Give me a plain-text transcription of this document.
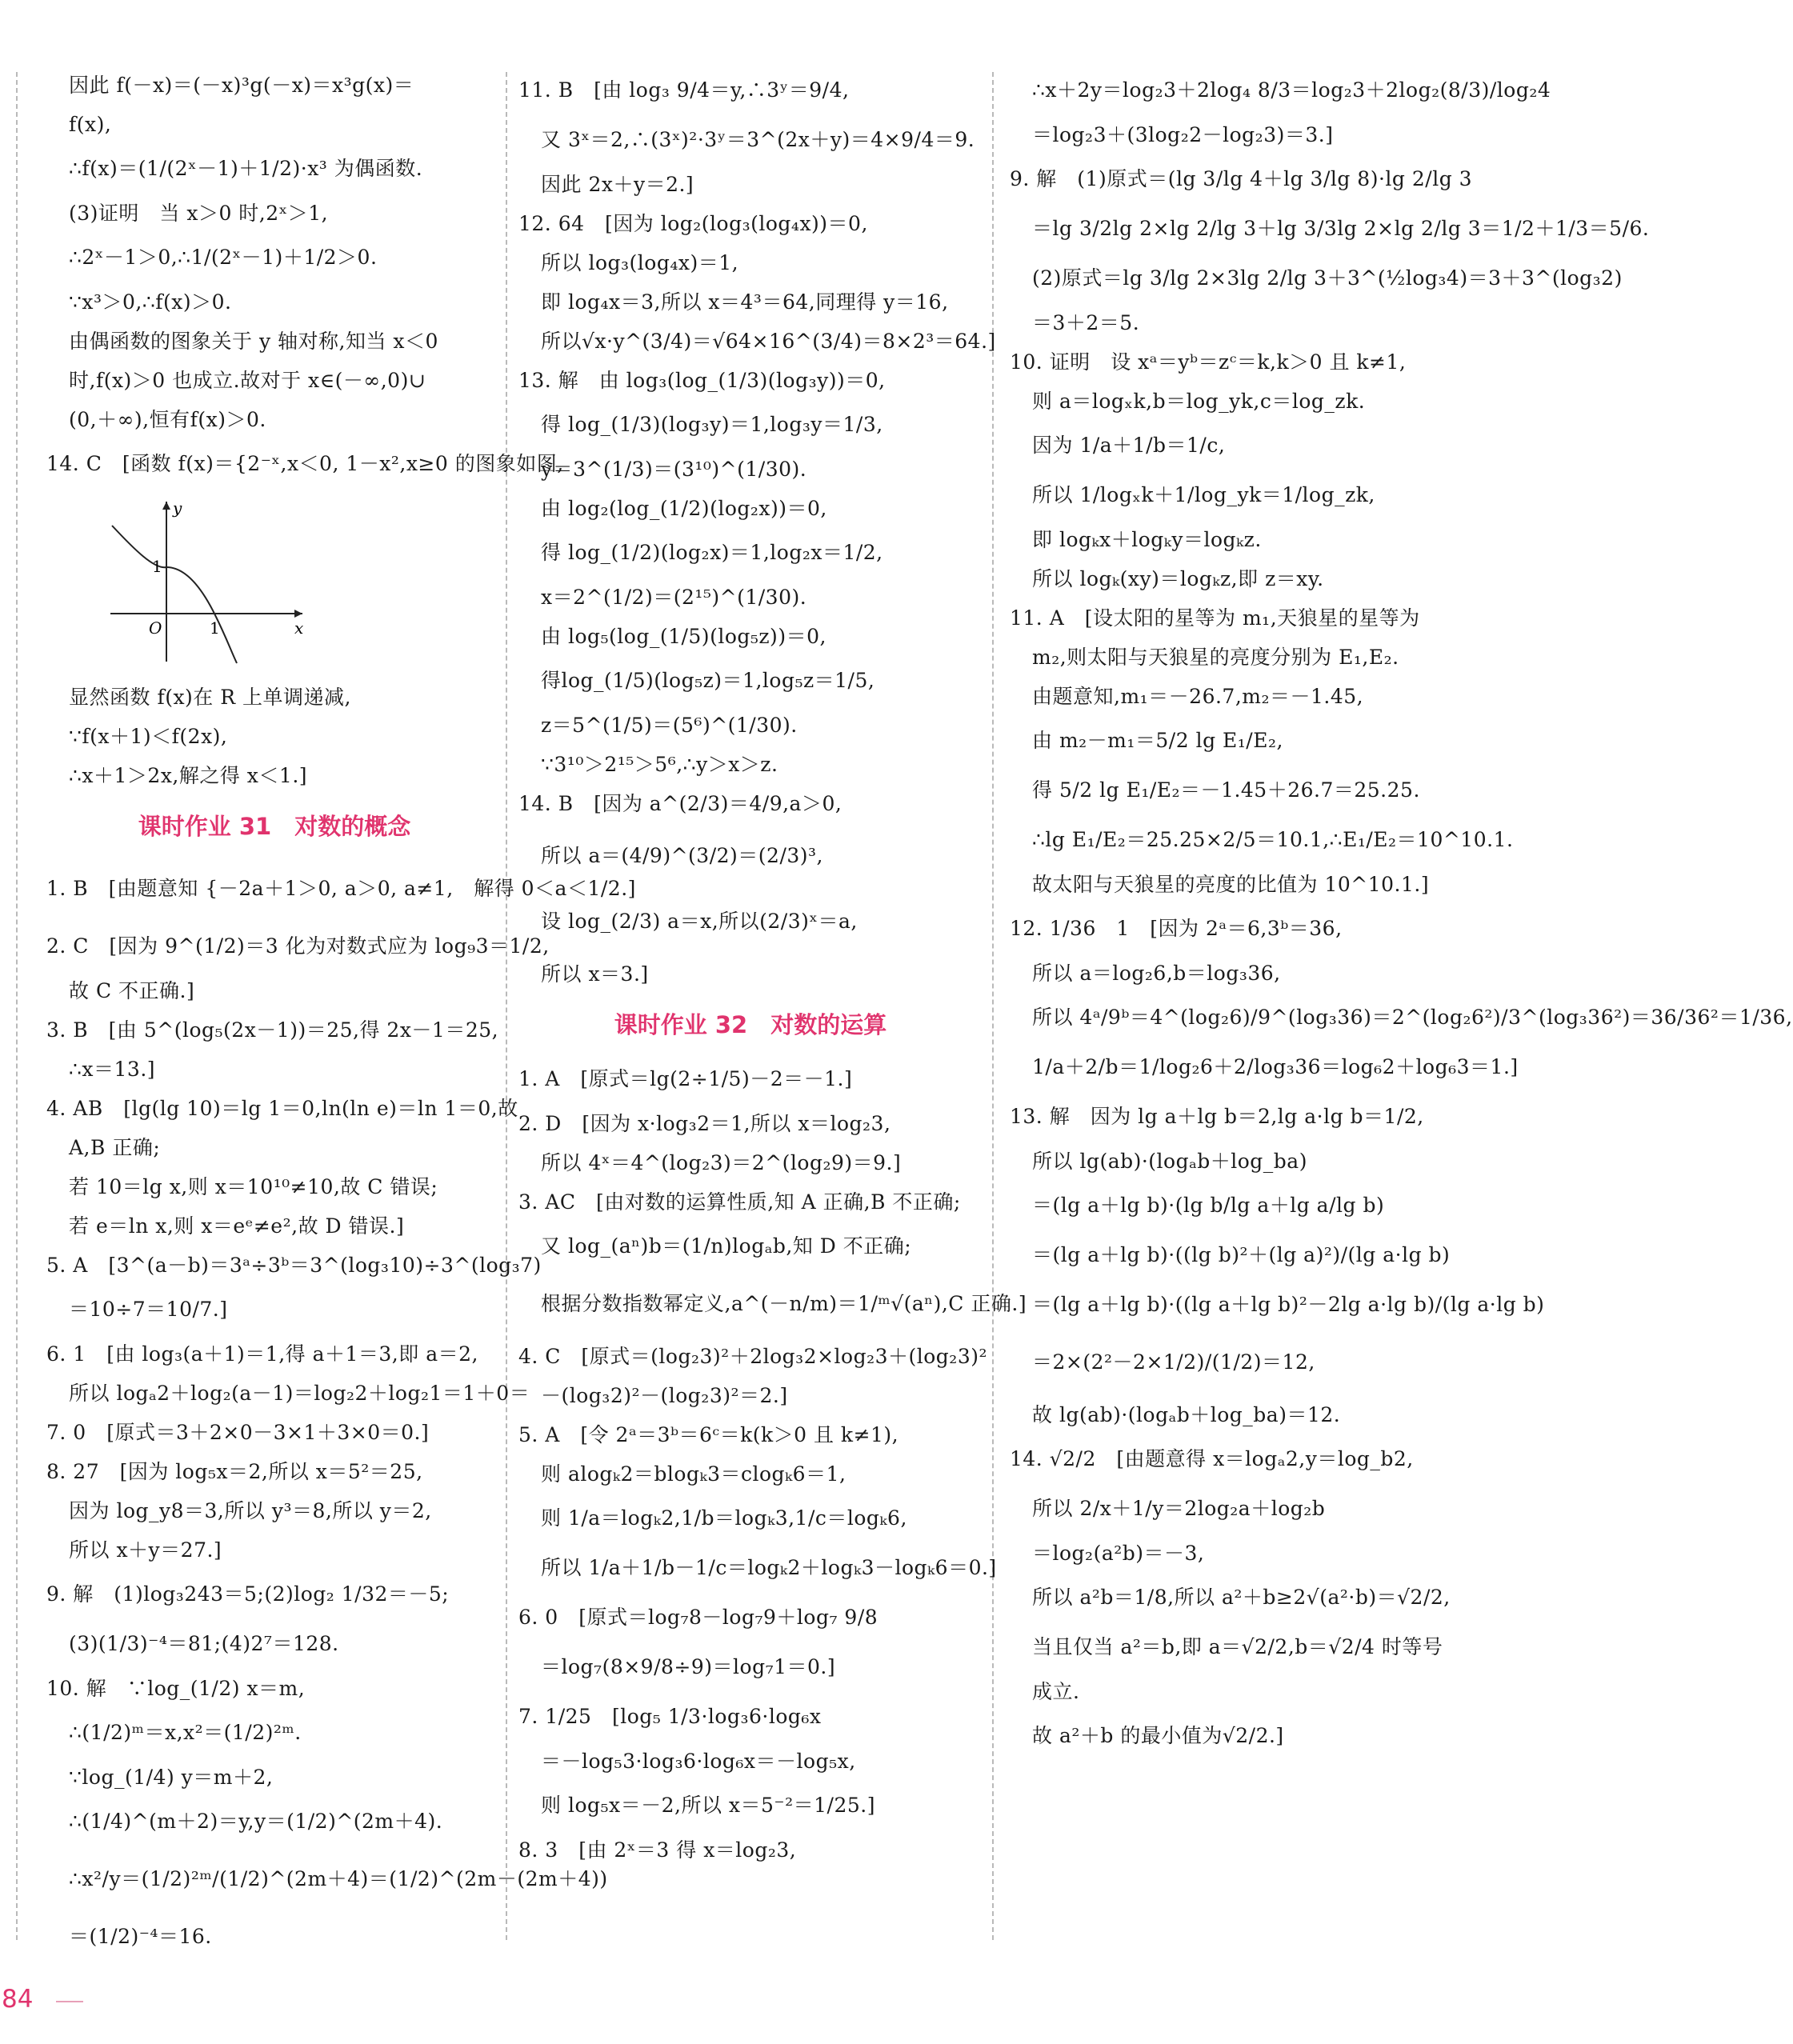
因此 f(－x)＝(－x)³g(－x)＝x³g(x)＝

f(x),

∴f(x)＝(1/(2ˣ－1)＋1/2)·x³ 为偶函数.

(3)证明　当 x＞0 时,2ˣ＞1,

∴2ˣ－1＞0,∴1/(2ˣ－1)＋1/2＞0.

∵x³＞0,∴f(x)＞0.

由偶函数的图象关于 y 轴对称,知当 x＜0

时,f(x)＞0 也成立.故对于 x∈(－∞,0)∪

(0,＋∞),恒有f(x)＞0.

14. C　[函数 f(x)＝{2⁻ˣ,x＜0, 1－x²,x≥0 的图象如图,

y
x
O	1
1

显然函数 f(x)在 R 上单调递减,

∵f(x＋1)＜f(2x),

∴x＋1＞2x,解之得 x＜1.]

课时作业 31　对数的概念

1. B　[由题意知 {－2a＋1＞0, a＞0, a≠1,　解得 0＜a＜1/2.]

2. C　[因为 9^(1/2)＝3 化为对数式应为 log₉3＝1/2,

故 C 不正确.]

3. B　[由 5^(log₅(2x－1))＝25,得 2x－1＝25,

∴x＝13.]

4. AB　[lg(lg 10)＝lg 1＝0,ln(ln e)＝ln 1＝0,故

A,B 正确;

若 10＝lg x,则 x＝10¹⁰≠10,故 C 错误;

若 e＝ln x,则 x＝eᵉ≠e²,故 D 错误.]

5. A　[3^(a－b)＝3ᵃ÷3ᵇ＝3^(log₃10)÷3^(log₃7)

＝10÷7＝10/7.]

6. 1　[由 log₃(a＋1)＝1,得 a＋1＝3,即 a＝2,

所以 logₐ2＋log₂(a－1)＝log₂2＋log₂1＝1＋0＝

7. 0　[原式＝3＋2×0－3×1＋3×0＝0.]

8. 27　[因为 log₅x＝2,所以 x＝5²＝25,

因为 log_y8＝3,所以 y³＝8,所以 y＝2,

所以 x＋y＝27.]

9. 解　(1)log₃243＝5;(2)log₂ 1/32＝－5;

(3)(1/3)⁻⁴＝81;(4)2⁷＝128.

10. 解　∵log_(1/2) x＝m,

∴(1/2)ᵐ＝x,x²＝(1/2)²ᵐ.

∵log_(1/4) y＝m＋2,

∴(1/4)^(m＋2)＝y,y＝(1/2)^(2m＋4).

∴x²/y＝(1/2)²ᵐ/(1/2)^(2m＋4)＝(1/2)^(2m－(2m＋4))

＝(1/2)⁻⁴＝16.

11. B　[由 log₃ 9/4＝y,∴3ʸ＝9/4,

又 3ˣ＝2,∴(3ˣ)²·3ʸ＝3^(2x＋y)＝4×9/4＝9.

因此 2x＋y＝2.]

12. 64　[因为 log₂(log₃(log₄x))＝0,

所以 log₃(log₄x)＝1,

即 log₄x＝3,所以 x＝4³＝64,同理得 y＝16,

所以√x·y^(3/4)＝√64×16^(3/4)＝8×2³＝64.]

13. 解　由 log₃(log_(1/3)(log₃y))＝0,

得 log_(1/3)(log₃y)＝1,log₃y＝1/3,

y＝3^(1/3)＝(3¹⁰)^(1/30).

由 log₂(log_(1/2)(log₂x))＝0,

得 log_(1/2)(log₂x)＝1,log₂x＝1/2,

x＝2^(1/2)＝(2¹⁵)^(1/30).

由 log₅(log_(1/5)(log₅z))＝0,

得log_(1/5)(log₅z)＝1,log₅z＝1/5,

z＝5^(1/5)＝(5⁶)^(1/30).

∵3¹⁰＞2¹⁵＞5⁶,∴y＞x＞z.

14. B　[因为 a^(2/3)＝4/9,a＞0,

所以 a＝(4/9)^(3/2)＝(2/3)³,

设 log_(2/3) a＝x,所以(2/3)ˣ＝a,

所以 x＝3.]

课时作业 32　对数的运算

1. A　[原式＝lg(2÷1/5)－2＝－1.]

2. D　[因为 x·log₃2＝1,所以 x＝log₂3,

所以 4ˣ＝4^(log₂3)＝2^(log₂9)＝9.]

3. AC　[由对数的运算性质,知 A 正确,B 不正确;

又 log_(aⁿ)b＝(1/n)logₐb,知 D 不正确;

根据分数指数幂定义,a^(－n/m)＝1/ᵐ√(aⁿ),C 正确.]

4. C　[原式＝(log₂3)²＋2log₃2×log₂3＋(log₂3)²

－(log₃2)²－(log₂3)²＝2.]

5. A　[令 2ᵃ＝3ᵇ＝6ᶜ＝k(k＞0 且 k≠1),

则 alogₖ2＝blogₖ3＝clogₖ6＝1,

则 1/a＝logₖ2,1/b＝logₖ3,1/c＝logₖ6,

所以 1/a＋1/b－1/c＝logₖ2＋logₖ3－logₖ6＝0.]

6. 0　[原式＝log₇8－log₇9＋log₇ 9/8

＝log₇(8×9/8÷9)＝log₇1＝0.]

7. 1/25　[log₅ 1/3·log₃6·log₆x

＝－log₅3·log₃6·log₆x＝－log₅x,

则 log₅x＝－2,所以 x＝5⁻²＝1/25.]

8. 3　[由 2ˣ＝3 得 x＝log₂3,

∴x＋2y＝log₂3＋2log₄ 8/3＝log₂3＋2log₂(8/3)/log₂4

＝log₂3＋(3log₂2－log₂3)＝3.]

9. 解　(1)原式＝(lg 3/lg 4＋lg 3/lg 8)·lg 2/lg 3

＝lg 3/2lg 2×lg 2/lg 3＋lg 3/3lg 2×lg 2/lg 3＝1/2＋1/3＝5/6.

(2)原式＝lg 3/lg 2×3lg 2/lg 3＋3^(½log₃4)＝3＋3^(log₃2)

＝3＋2＝5.

10. 证明　设 xᵃ＝yᵇ＝zᶜ＝k,k＞0 且 k≠1,

则 a＝logₓk,b＝log_yk,c＝log_zk.

因为 1/a＋1/b＝1/c,

所以 1/logₓk＋1/log_yk＝1/log_zk,

即 logₖx＋logₖy＝logₖz.

所以 logₖ(xy)＝logₖz,即 z＝xy.

11. A　[设太阳的星等为 m₁,天狼星的星等为

m₂,则太阳与天狼星的亮度分别为 E₁,E₂.

由题意知,m₁＝－26.7,m₂＝－1.45,

由 m₂－m₁＝5/2 lg E₁/E₂,

得 5/2 lg E₁/E₂＝－1.45＋26.7＝25.25.

∴lg E₁/E₂＝25.25×2/5＝10.1,∴E₁/E₂＝10^10.1.

故太阳与天狼星的亮度的比值为 10^10.1.]

12. 1/36　1　[因为 2ᵃ＝6,3ᵇ＝36,

所以 a＝log₂6,b＝log₃36,

所以 4ᵃ/9ᵇ＝4^(log₂6)/9^(log₃36)＝2^(log₂6²)/3^(log₃36²)＝36/36²＝1/36,

1/a＋2/b＝1/log₂6＋2/log₃36＝log₆2＋log₆3＝1.]

13. 解　因为 lg a＋lg b＝2,lg a·lg b＝1/2,

所以 lg(ab)·(logₐb＋log_ba)

＝(lg a＋lg b)·(lg b/lg a＋lg a/lg b)

＝(lg a＋lg b)·((lg b)²＋(lg a)²)/(lg a·lg b)

＝(lg a＋lg b)·((lg a＋lg b)²－2lg a·lg b)/(lg a·lg b)

＝2×(2²－2×1/2)/(1/2)＝12,

故 lg(ab)·(logₐb＋log_ba)＝12.

14. √2/2　[由题意得 x＝logₐ2,y＝log_b2,

所以 2/x＋1/y＝2log₂a＋log₂b

＝log₂(a²b)＝－3,

所以 a²b＝1/8,所以 a²＋b≥2√(a²·b)＝√2/2,

当且仅当 a²＝b,即 a＝√2/2,b＝√2/4 时等号

成立.

故 a²＋b 的最小值为√2/2.]

84
